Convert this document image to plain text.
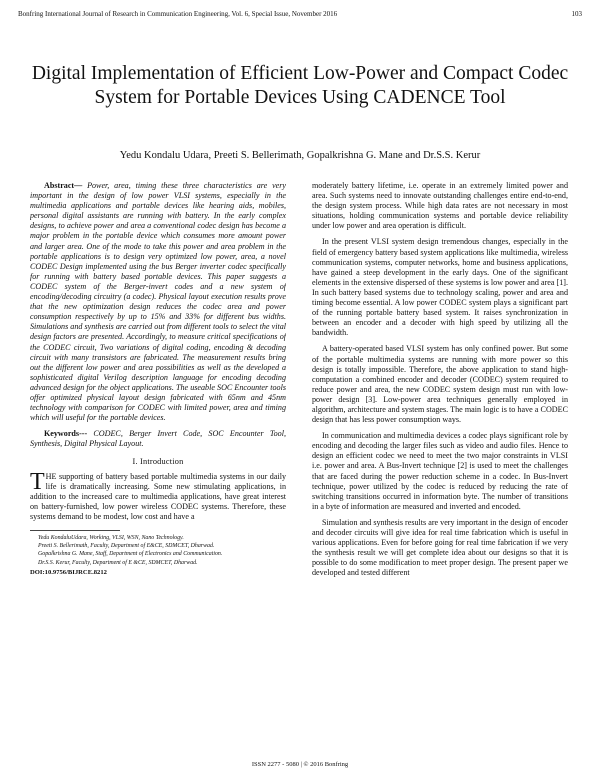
Bonfring International Journal of Research in Communication Engineering, Vol. 6, Special Issue, November 2016	103
Digital Implementation of Efficient Low-Power and Compact Codec System for Portable Devices Using CADENCE Tool
Yedu Kondalu Udara, Preeti S. Bellerimath, Gopalkrishna G. Mane and Dr.S.S. Kerur

Abstract— Power, area, timing these three characteristics are very important in the design of low power VLSI systems, especially in the multimedia applications and portable devices like hearing aids, mobiles, personal digital assistants are running with battery. In the early complex designs, to achieve power and area a conventional codec design has become a major problem in the portable device which consumes more amount power and larger area. One of the mode to take this power and area problem in the portable applications is to design very optimized low power, area, a novel CODEC Design implemented using the bus Berger inverter codec specifically for running with battery based portable devices. This paper suggests a CODEC system of the Berger-invert codes and a new system of encoding/decoding circuitry (a codec). Physical layout execution results prove that the new optimization design reduces the codec area and power consumption respectively by up to 15% and 33% for different bus widths. Simulations and synthesis are carried out from different tools to select the vital design factors are presented. Accordingly, to measure critical specifications of the CODEC circuit, Two variations of digital coding, encoding & decoding circuit with many transistors are fabricated. The measurement results bring out the different low power and area possibilities as well as the developed a sophisticated digital Verilog description language for encoding decoding advanced design for the object applications. The useable SOC Encounter tools offer optimized physical layout design fabricated with 65nm and 45nm technology with comparison for CODEC with limited power, area and timing which will useful for the portable devices.

Keywords--- CODEC, Berger Invert Code, SOC Encounter Tool, Synthesis, Digital Physical Layout.

I. Introduction

THE supporting of battery based portable multimedia systems in our daily life is dramatically increasing. Some new stimulating applications, in addition to the increased care to multimedia applications, have great interest on battery-furnished, low power wireless CODEC systems. Therefore, these systems demand to be modest, low cost and have a

Yedu KondaluUdara, Working, VLSI, WSN, Nano Technology.

Preeti S. Bellerimath, Faculty, Department of E&CE, SDMCET, Dharwad.

Gopalkrishna G. Mane, Staff, Department of Electronics and Communication.

Dr.S.S. Kerur, Faculty, Department of E &CE, SDMCET, Dharwad.

DOI:10.9756/BIJRCE.8212

moderately battery lifetime, i.e. operate in an extremely limited power and area. Such systems need to innovate outstanding challenges entire end-to-end, the design system process. While high data rates are not necessary in most situations, holding communication systems and portable device reliability under low power and area operation is difficult.

In the present VLSI system design tremendous changes, especially in the field of emergency battery based system applications like multimedia, wireless communication systems, computer networks, home and business applications, have gained a steep development in the early days. One of the significant elements in the extensive dispersed of these systems is low power and area [1]. In such battery based systems due to technology scaling, power and area and timing become essential. A low power CODEC system plays a significant part of the running portable battery based system. It raises synchronization in between an encoder and a decoder with high speed by utilizing all the bandwidth.

A battery-operated based VLSI system has only confined power. But some of the portable multimedia systems are running with more power so this design is totally impossible. Therefore, the above application to stand high-computation a combined encoder and decoder (CODEC) system required to reduce power and area, the new CODEC system design must run with low-power design [3]. Low-power area techniques generally employed in algorithm, architecture and system stages. The main logic is to have a CODEC design that has less power consumption ways.

In communication and multimedia devices a codec plays significant role by encoding and decoding the larger files such as video and audio files. Hence to design an efficient codec we need to meet the two major constraints in VLSI i.e. power and area. A Bus-Invert technique [2] is used to meet the challenges that are faced during the power reduction scheme in a codec. In Bus-Invert technique, power utilized by the codec is reduced by reducing the rate of switching transitions occurred in information byte. The number of transitions in a byte of information are measured and inverted and encoded.

Simulation and synthesis results are very important in the design of encoder and decoder circuits will give idea for real time fabrication which is useful in various applications. Even for before going for real time fabrication if we very the synthesis result we will get complete idea about our designs so that it is possible to do some modification to meet proper design. The present paper we developed and tested different

ISSN 2277 - 5080 | © 2016 Bonfring
